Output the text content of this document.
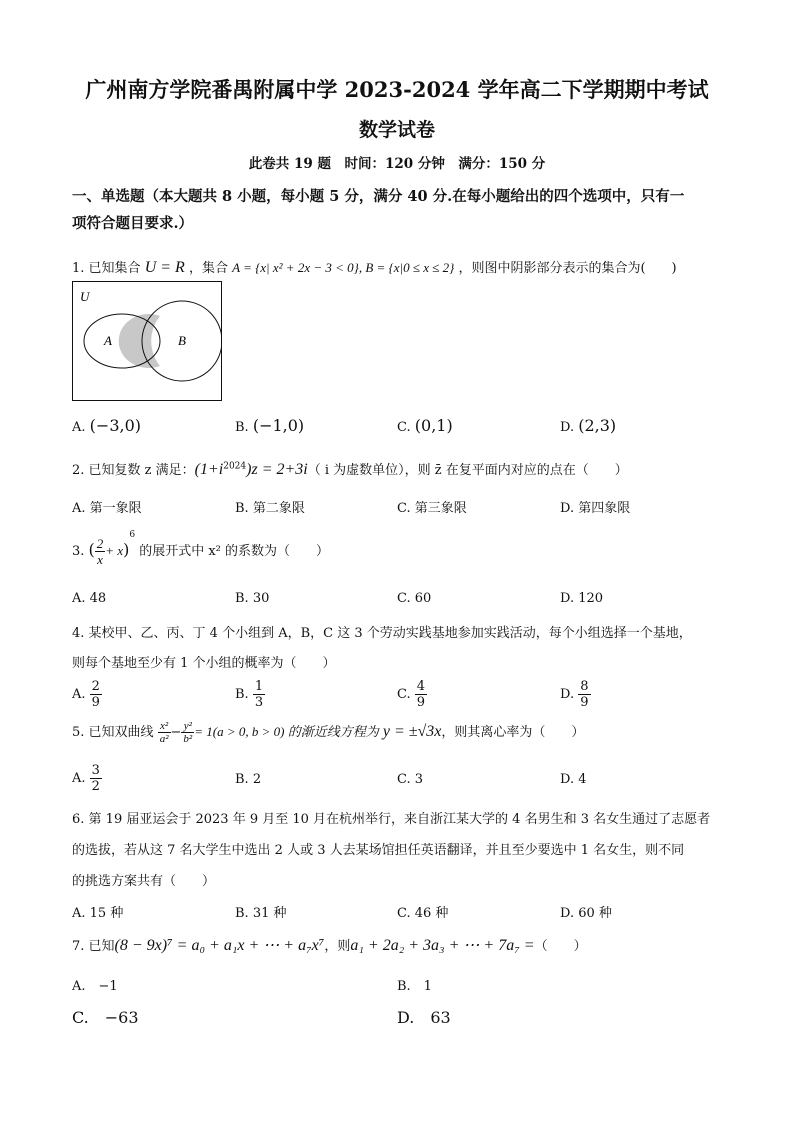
广州南方学院番禺附属中学 2023-2024 学年高二下学期期中考试
数学试卷
此卷共 19 题　时间：120 分钟　满分：150 分
一、单选题（本大题共 8 小题，每小题 5 分，满分 40 分.在每小题给出的四个选项中，只有一
项符合题目要求.）
1. 已知集合 U = R ，集合 A = {x| x² + 2x − 3 < 0}, B = {x|0 ≤ x ≤ 2} ，则图中阴影部分表示的集合为(　　)
U
A	B
A. (−3,0)	B. (−1,0)	C. (0,1)	D. (2,3)
2. 已知复数 z 满足：$(1+i^{2024})z = 2+3i$（ i 为虚数单位），则 z̄ 在复平面内对应的点在（　　）
A. 第一象限	B. 第二象限	C. 第三象限	D. 第四象限
3. ( $\frac{2}{x} + x)^6$ 的展开式中 x² 的系数为（　　）
A. 48	B. 30	C. 60	D. 120
4. 某校甲、乙、丙、丁 4 个小组到 A，B，C 这 3 个劳动实践基地参加实践活动，每个小组选择一个基地，
则每个基地至少有 1 个小组的概率为（　　）
A. $\frac{2}{9}$	B. $\frac{1}{3}$	C. $\frac{4}{9}$	D. $\frac{8}{9}$
5. 已知双曲线 $\frac{\text{x²}}{\text{a²}} - \frac{\text{y²}}{\text{b²}} = 1(a > 0$, b > 0) 的渐近线方程为 y = ±√3x，则其离心率为（　　）
A. $\frac{3}{2}$	B. 2	C. 3	D. 4
6. 第 19 届亚运会于 2023 年 9 月至 10 月在杭州举行，来自浙江某大学的 4 名男生和 3 名女生通过了志愿者
的选拔，若从这 7 名大学生中选出 2 人或 3 人去某场馆担任英语翻译，并且至少要选中 1 名女生，则不同
的挑选方案共有（　　）
A. 15 种	B. 31 种	C. 46 种	D. 60 种
7. 已知(8 − 9x)⁷ = a₀ + a₁x + ⋯ + a₇x⁷，则a₁ + 2a₂ + 3a₃ + ⋯ + 7a₇ =（　　）
A.　−1	B.　1
C.　−63	D.　63
